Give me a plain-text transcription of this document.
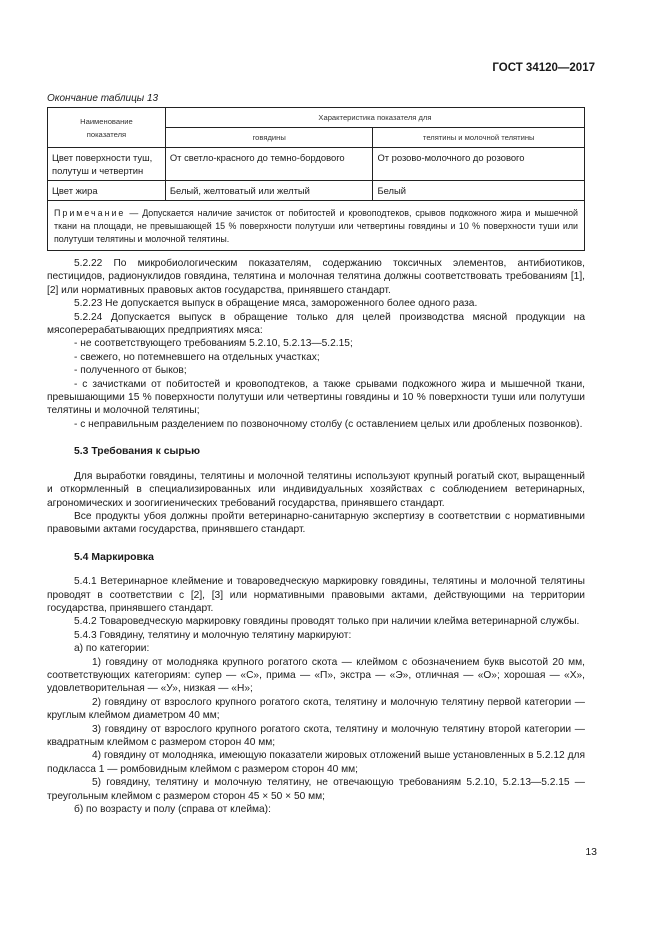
ГОСТ 34120—2017
Окончание таблицы 13
Наименование показателя	Характеристика показателя для	
	говядины	телятины и молочной телятины
Цвет поверхности туш, полутуш и четвертин	От светло-красного до темно-бордового	От розово-молочного до розового
Цвет жира	Белый, желтоватый или желтый	Белый
Примечание — Допускается наличие зачисток от побитостей и кровоподтеков, срывов подкожного жира и мышечной ткани на площади, не превышающей 15 % поверхности полутуши или четвертины говядины и 10 % поверхности туши или полутуши телятины и молочной телятины.		

5.2.22 По микробиологическим показателям, содержанию токсичных элементов, антибиотиков, пестицидов, радионуклидов говядина, телятина и молочная телятина должны соответствовать требованиям [1], [2] или нормативных правовых актов государства, принявшего стандарт.

5.2.23 Не допускается выпуск в обращение мяса, замороженного более одного раза.

5.2.24 Допускается выпуск в обращение только для целей производства мясной продукции на мясоперерабатывающих предприятиях мяса:

- не соответствующего требованиям 5.2.10, 5.2.13—5.2.15;

- свежего, но потемневшего на отдельных участках;

- полученного от быков;

- с зачистками от побитостей и кровоподтеков, а также срывами подкожного жира и мышечной ткани, превышающими 15 % поверхности полутуши или четвертины говядины и 10 % поверхности туши или полутуши телятины и молочной телятины;

- с неправильным разделением по позвоночному столбу (с оставлением целых или дробленых позвонков).

5.3 Требования к сырью

Для выработки говядины, телятины и молочной телятины используют крупный рогатый скот, выращенный и откормленный в специализированных или индивидуальных хозяйствах с соблюдением ветеринарных, агрономических и зоогигиенических требований государства, принявшего стандарт.

Все продукты убоя должны пройти ветеринарно-санитарную экспертизу в соответствии с нормативными правовыми актами государства, принявшего стандарт.

5.4 Маркировка

5.4.1 Ветеринарное клеймение и товароведческую маркировку говядины, телятины и молочной телятины проводят в соответствии с [2], [3] или нормативными правовыми актами, действующими на территории государства, принявшего стандарт.

5.4.2 Товароведческую маркировку говядины проводят только при наличии клейма ветеринарной службы.

5.4.3 Говядину, телятину и молочную телятину маркируют:

а) по категории:

1) говядину от молодняка крупного рогатого скота — клеймом с обозначением букв высотой 20 мм, соответствующих категориям: супер — «С», прима — «П», экстра — «Э», отличная — «О»; хорошая — «Х», удовлетворительная — «У», низкая — «Н»;

2) говядину от взрослого крупного рогатого скота, телятину и молочную телятину первой категории — круглым клеймом диаметром 40 мм;

3) говядину от взрослого крупного рогатого скота, телятину и молочную телятину второй категории — квадратным клеймом с размером сторон 40 мм;

4) говядину от молодняка, имеющую показатели жировых отложений выше установленных в 5.2.12 для подкласса 1 — ромбовидным клеймом с размером сторон 40 мм;

5) говядину, телятину и молочную телятину, не отвечающую требованиям 5.2.10, 5.2.13—5.2.15 — треугольным клеймом с размером сторон 45 × 50 × 50 мм;

б) по возрасту и полу (справа от клейма):

13
